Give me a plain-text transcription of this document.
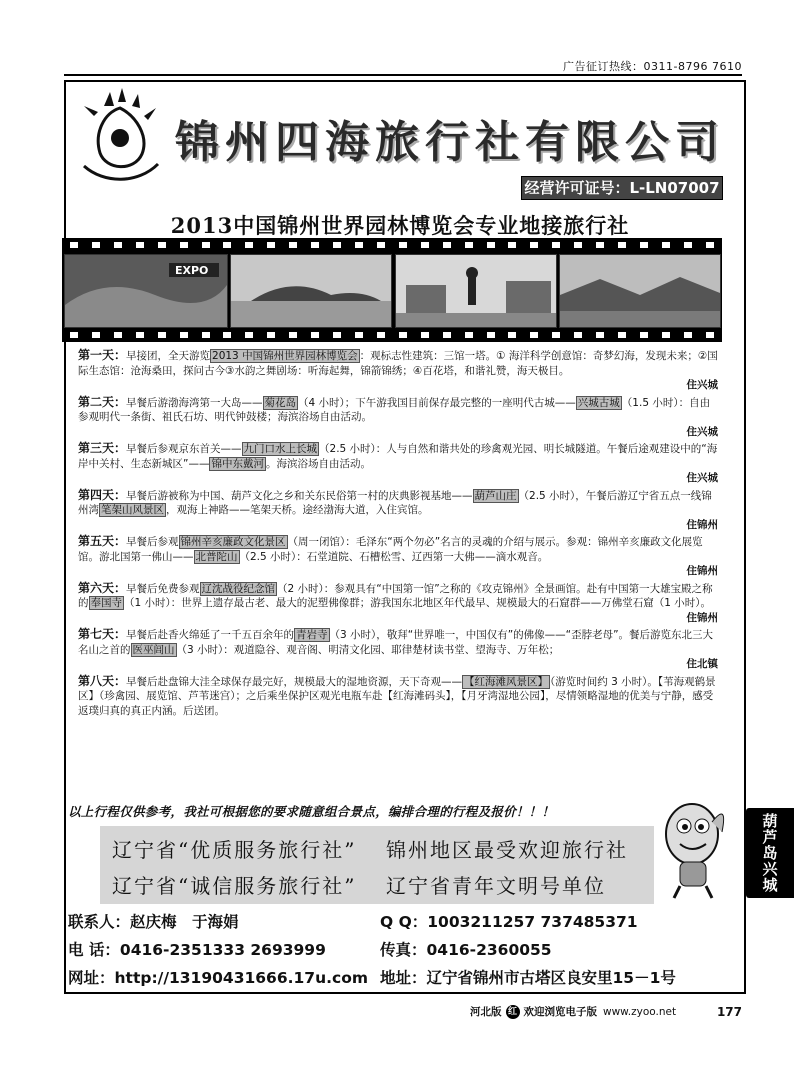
广告征订热线：0311-8796 7610
锦州四海旅行社有限公司
经营许可证号：L-LN07007
2013中国锦州世界园林博览会专业地接旅行社
EXPO
第一天：早接团，全天游览 2013 中国锦州世界园林博览会 ：观标志性建筑：三馆一塔。① 海洋科学创意馆：奇梦幻海，发现未来；②国际生态馆：沧海桑田，探问古今③水韵之舞剧场：听海起舞，锦箭锦绣；④百花塔，和谐礼赞，海天极目。
住兴城
第二天：早餐后游渤海湾第一大岛—— 菊花岛 （4 小时）；下午游我国目前保存最完整的一座明代古城—— 兴城古城 （1.5 小时）：自由参观明代一条街、祖氏石坊、明代钟鼓楼；海滨浴场自由活动。
住兴城
第三天：早餐后参观京东首关—— 九门口水上长城 （2.5 小时）：人与自然和谐共处的珍禽观光园、明长城隧道。午餐后途观建设中的“海岸中关村、生态新城区”—— 锦中东戴河 。海滨浴场自由活动。
住兴城
第四天：早餐后游被称为中国、葫芦文化之乡和关东民俗第一村的庆典影视基地—— 葫芦山庄 （2.5 小时），午餐后游辽宁省五点一线锦州湾 笔架山风景区 ，观海上神路——笔架天桥。途经渤海大道，入住宾馆。
住锦州
第五天：早餐后参观 锦州辛亥廉政文化景区 （周一闭馆）：毛泽东“两个勿必”名言的灵魂的介绍与展示。参观：锦州辛亥廉政文化展览馆。游北国第一佛山—— 北普陀山 （2.5 小时）：石堂道院、石槽松雪、辽西第一大佛——滴水观音。
住锦州
第六天：早餐后免费参观 辽沈战役纪念馆 （2 小时）：参观具有“中国第一馆”之称的《攻克锦州》全景画馆。赴有中国第一大雄宝殿之称的 奉国寺 （1 小时）：世界上遗存最古老、最大的泥塑佛像群；游我国东北地区年代最早、规模最大的石窟群——万佛堂石窟（1 小时）。
住锦州
第七天：早餐后赴香火绵延了一千五百余年的 青岩寺 （3 小时），敬拜“世界唯一，中国仅有”的佛像——“歪脖老母”。餐后游览东北三大名山之首的 医巫闾山 （3 小时）：观道隐谷、观音阁、明清文化园、耶律楚材读书堂、望海寺、万年松；
住北镇
第八天：早餐后赴盘锦大洼全球保存最完好，规模最大的湿地资源，天下奇观—— 【红海滩风景区】 （游览时间约 3 小时）。【苇海观鹤景区】（珍禽园、展览馆、芦苇迷宫）；之后乘坐保护区观光电瓶车赴【红海滩码头】，【月牙湾湿地公园】，尽情领略湿地的优美与宁静，感受返璞归真的真正内涵。后送团。
以上行程仅供参考，我社可根据您的要求随意组合景点，编排合理的行程及报价！！！
辽宁省“优质服务旅行社” 锦州地区最受欢迎旅行社
辽宁省“诚信服务旅行社” 辽宁省青年文明号单位	葫芦岛兴城
联系人：赵庆梅　于海娟	Q Q：1003211257 737485371
电 话：0416-2351333 2693999	传真：0416-2360055
网址：http://13190431666.17u.com 地址：辽宁省锦州市古塔区良安里15－1号
河北版 红 欢迎浏览电子版 www.zyoo.net	177
